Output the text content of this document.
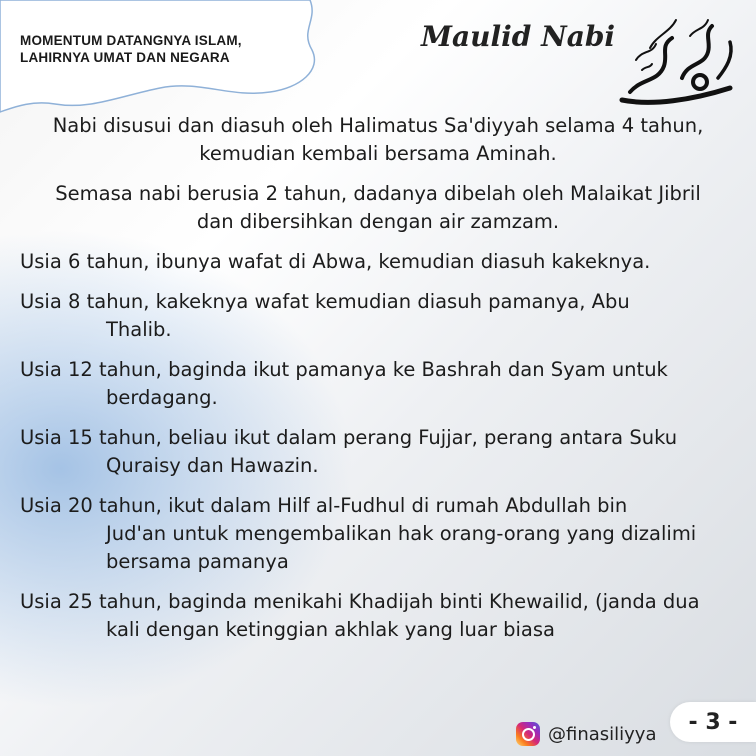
MOMENTUM DATANGNYA ISLAM,
LAHIRNYA UMAT DAN NEGARA
Maulid Nabi
Nabi disusui dan diasuh oleh Halimatus Sa'diyyah selama 4 tahun,
kemudian kembali bersama Aminah.
Semasa nabi berusia 2 tahun, dadanya dibelah oleh Malaikat Jibril
dan dibersihkan dengan air zamzam.
Usia 6 tahun, ibunya wafat di Abwa, kemudian diasuh kakeknya.
Usia 8 tahun, kakeknya wafat kemudian diasuh pamanya, Abu
Thalib.
Usia 12 tahun, baginda ikut pamanya ke Bashrah dan Syam untuk
berdagang.
Usia 15 tahun, beliau ikut dalam perang Fujjar, perang antara Suku
Quraisy dan Hawazin.
Usia 20 tahun, ikut dalam Hilf al-Fudhul di rumah Abdullah bin
Jud'an untuk mengembalikan hak orang-orang yang dizalimi
bersama pamanya
Usia 25 tahun, baginda menikahi Khadijah binti Khewailid, (janda dua
kali dengan ketinggian akhlak yang luar biasa
@finasiliyya - 3 -
